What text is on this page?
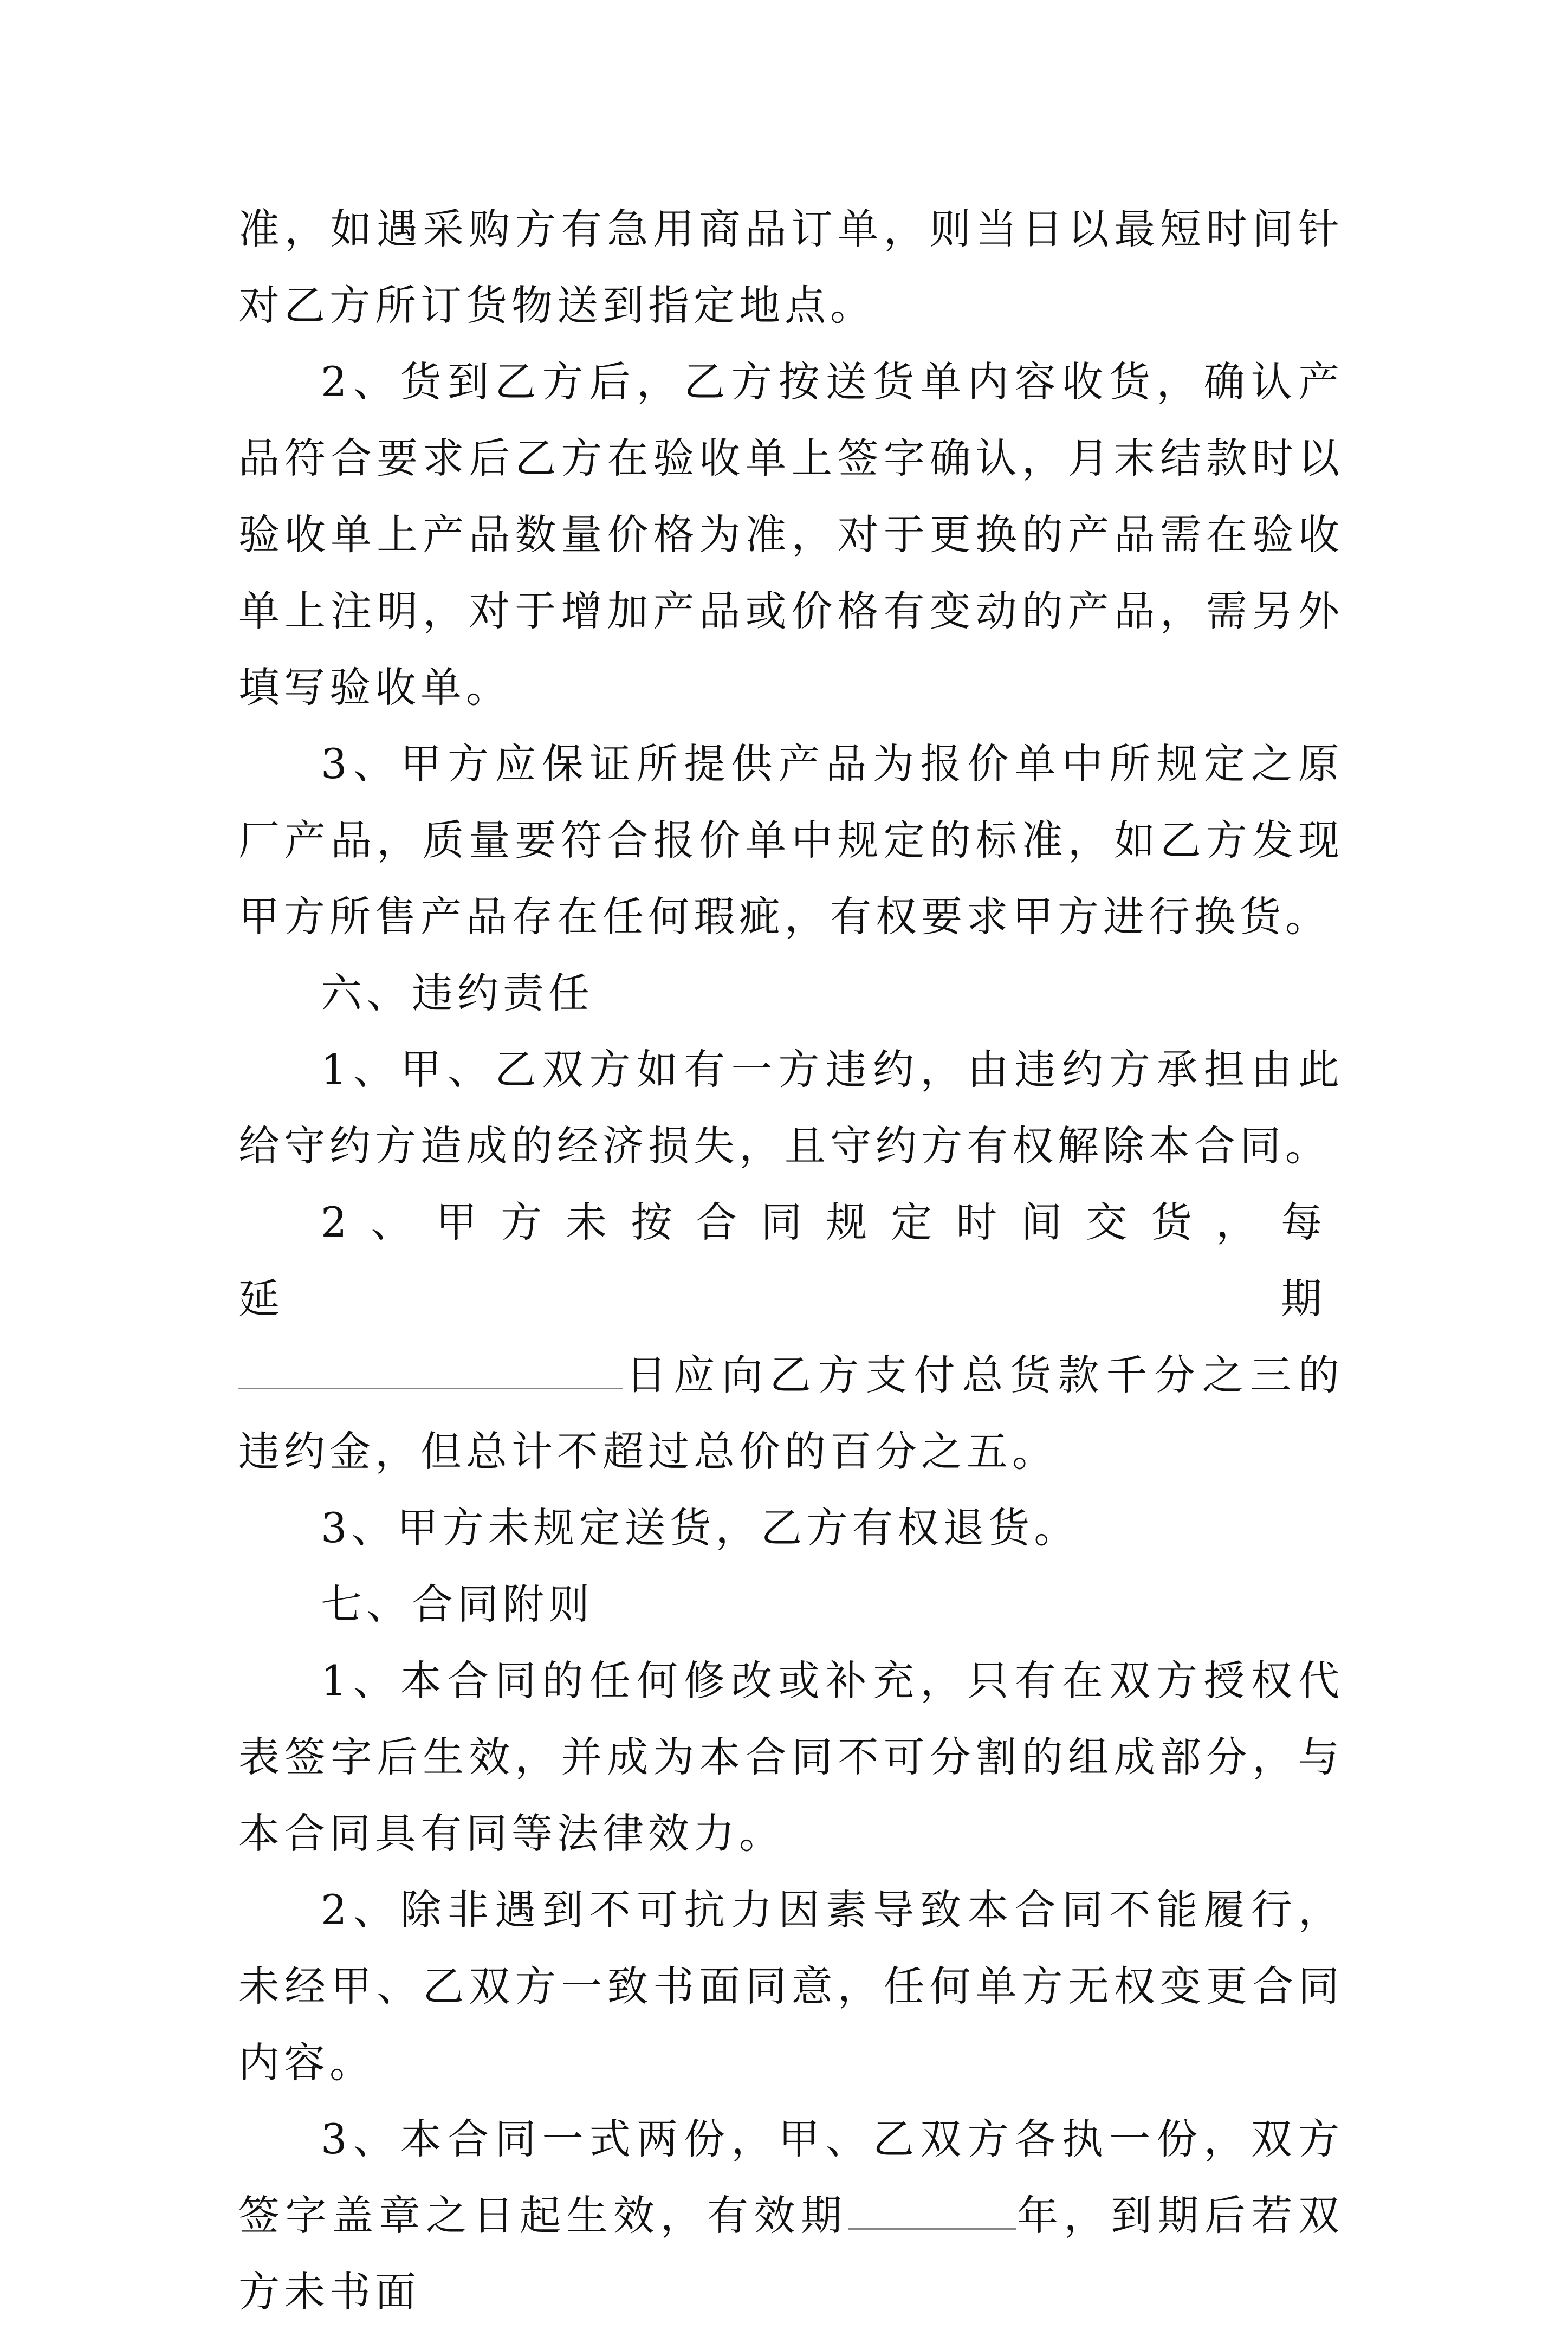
准，如遇采购方有急用商品订单，则当日以最短时间针对乙方所订货物送到指定地点。

2、货到乙方后，乙方按送货单内容收货，确认产品符合要求后乙方在验收单上签字确认，月末结款时以验收单上产品数量价格为准，对于更换的产品需在验收单上注明，对于增加产品或价格有变动的产品，需另外填写验收单。

3、甲方应保证所提供产品为报价单中所规定之原厂产品，质量要符合报价单中规定的标准，如乙方发现甲方所售产品存在任何瑕疵，有权要求甲方进行换货。

六、违约责任

1、甲、乙双方如有一方违约，由违约方承担由此给守约方造成的经济损失，且守约方有权解除本合同。

2、甲方未按合同规定时间交货，每延期
日应向乙方支付总货款千分之三的违约金，但总计不超过总价的百分之五。

3、甲方未规定送货，乙方有权退货。

七、合同附则

1、本合同的任何修改或补充，只有在双方授权代表签字后生效，并成为本合同不可分割的组成部分，与本合同具有同等法律效力。

2、除非遇到不可抗力因素导致本合同不能履行，未经甲、乙双方一致书面同意，任何单方无权变更合同内容。

3、本合同一式两份，甲、乙双方各执一份，双方签字盖章之日起生效，有效期	年，到期后若双方未书面
